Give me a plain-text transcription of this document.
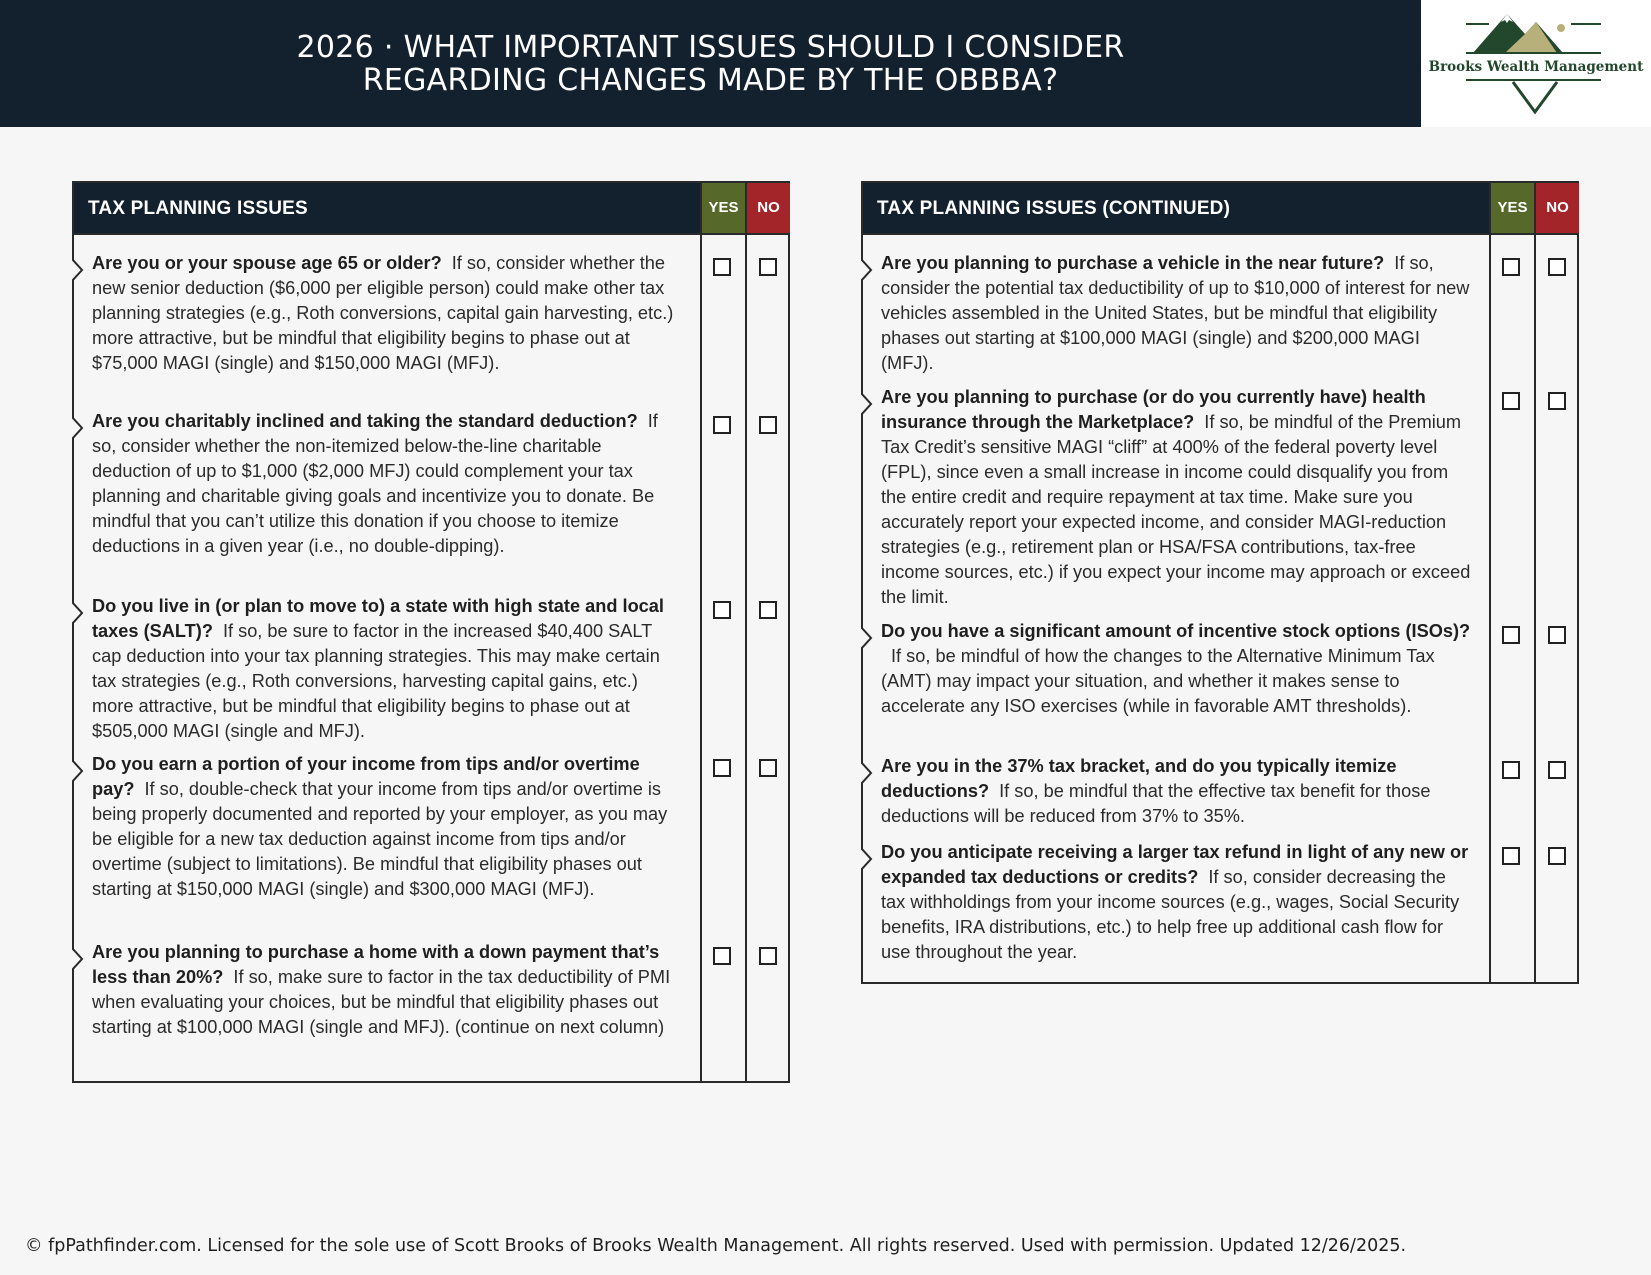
2026 · WHAT IMPORTANT ISSUES SHOULD I CONSIDER
REGARDING CHANGES MADE BY THE OBBBA?	Brooks Wealth Management
TAX PLANNING ISSUES	YES	NO
Are you or your spouse age 65 or older? If so, consider whether the new senior deduction ($6,000 per eligible person) could make other tax planning strategies (e.g., Roth conversions, capital gain harvesting, etc.) more attractive, but be mindful that eligibility begins to phase out at $75,000 MAGI (single) and $150,000 MAGI (MFJ).
Are you charitably inclined and taking the standard deduction? If so, consider whether the non-itemized below-the-line charitable deduction of up to $1,000 ($2,000 MFJ) could complement your tax planning and charitable giving goals and incentivize you to donate. Be mindful that you can’t utilize this donation if you choose to itemize deductions in a given year (i.e., no double-dipping).
Do you live in (or plan to move to) a state with high state and local taxes (SALT)? If so, be sure to factor in the increased $40,400 SALT cap deduction into your tax planning strategies. This may make certain tax strategies (e.g., Roth conversions, harvesting capital gains, etc.) more attractive, but be mindful that eligibility begins to phase out at $505,000 MAGI (single and MFJ).
Do you earn a portion of your income from tips and/or overtime pay? If so, double-check that your income from tips and/or overtime is being properly documented and reported by your employer, as you may be eligible for a new tax deduction against income from tips and/or overtime (subject to limitations). Be mindful that eligibility phases out starting at $150,000 MAGI (single) and $300,000 MAGI (MFJ).
Are you planning to purchase a home with a down payment that’s less than 20%? If so, make sure to factor in the tax deductibility of PMI when evaluating your choices, but be mindful that eligibility phases out starting at $100,000 MAGI (single and MFJ). (continue on next column)
TAX PLANNING ISSUES (CONTINUED)	YES	NO
Are you planning to purchase a vehicle in the near future? If so, consider the potential tax deductibility of up to $10,000 of interest for new vehicles assembled in the United States, but be mindful that eligibility phases out starting at $100,000 MAGI (single) and $200,000 MAGI (MFJ).
Are you planning to purchase (or do you currently have) health insurance through the Marketplace? If so, be mindful of the Premium Tax Credit’s sensitive MAGI “cliff” at 400% of the federal poverty level (FPL), since even a small increase in income could disqualify you from the entire credit and require repayment at tax time. Make sure you accurately report your expected income, and consider MAGI-reduction strategies (e.g., retirement plan or HSA/FSA contributions, tax-free income sources, etc.) if you expect your income may approach or exceed the limit.
Do you have a significant amount of incentive stock options (ISOs)?If so, be mindful of how the changes to the Alternative Minimum Tax (AMT) may impact your situation, and whether it makes sense to accelerate any ISO exercises (while in favorable AMT thresholds).
Are you in the 37% tax bracket, and do you typically itemize deductions? If so, be mindful that the effective tax benefit for those deductions will be reduced from 37% to 35%.
Do you anticipate receiving a larger tax refund in light of any new or expanded tax deductions or credits? If so, consider decreasing the tax withholdings from your income sources (e.g., wages, Social Security benefits, IRA distributions, etc.) to help free up additional cash flow for use throughout the year.
© fpPathfinder.com. Licensed for the sole use of Scott Brooks of Brooks Wealth Management. All rights reserved. Used with permission. Updated 12/26/2025.
